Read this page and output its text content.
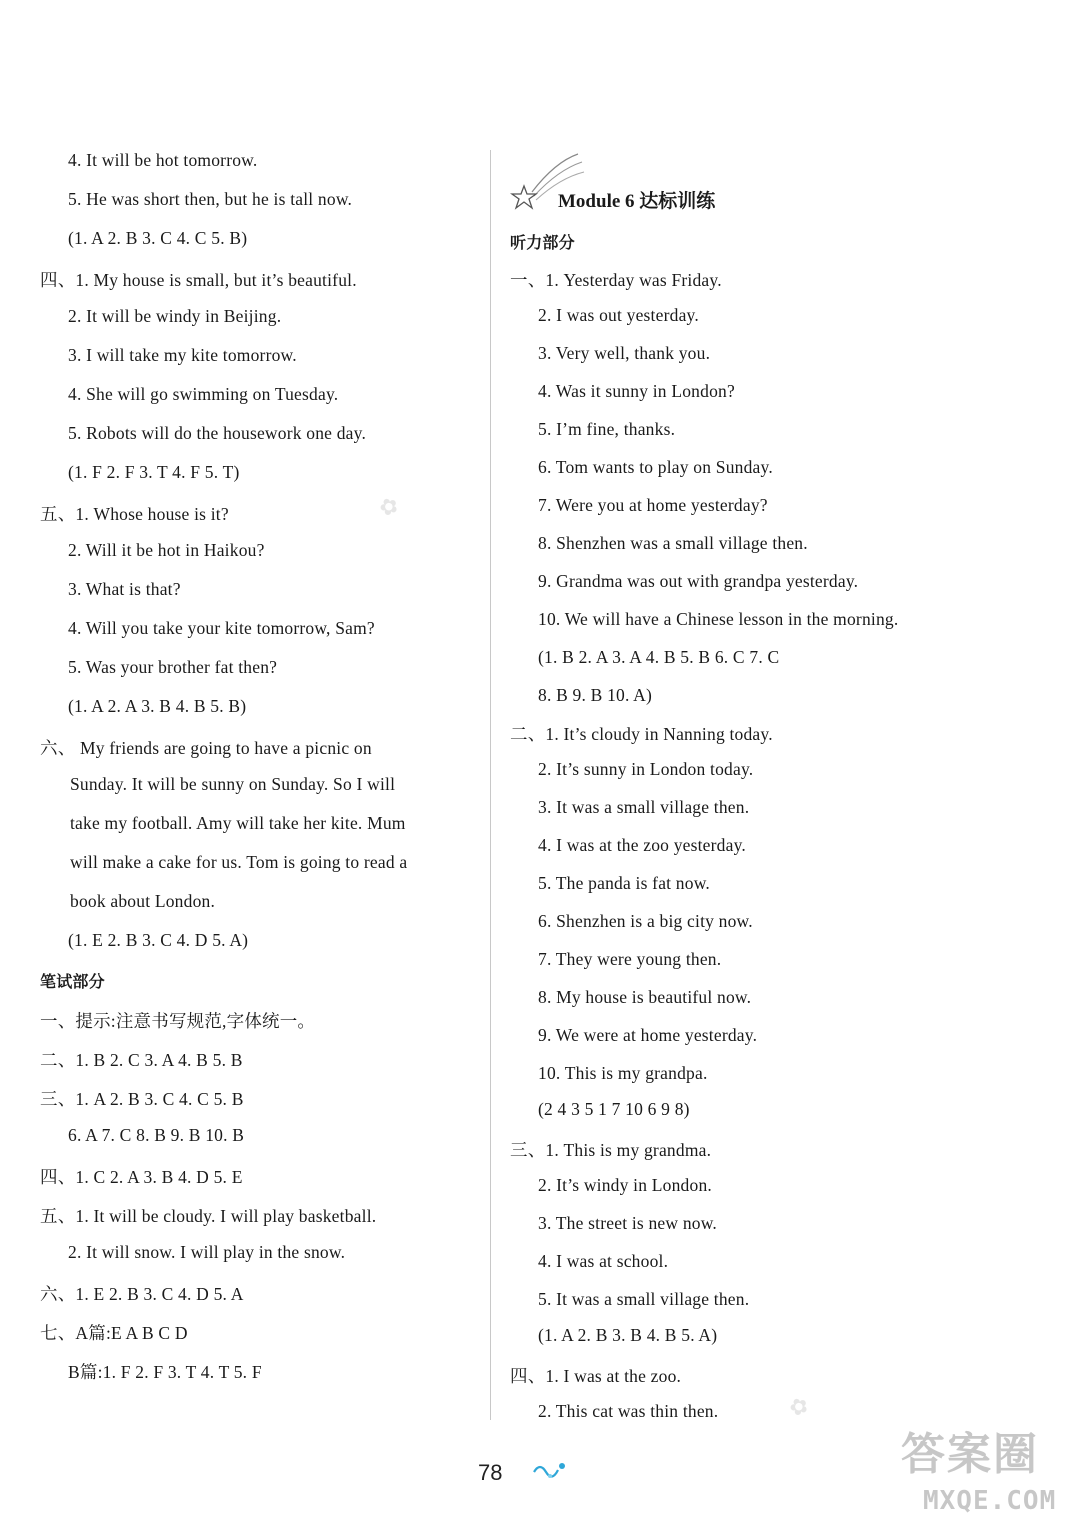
4. It will be hot tomorrow.
5. He was short then, but he is tall now.
(1. A 2. B 3. C 4. C 5. B)
四、1. My house is small, but it’s beautiful.
2. It will be windy in Beijing.
3. I will take my kite tomorrow.
4. She will go swimming on Tuesday.
5. Robots will do the housework one day.
(1. F 2. F 3. T 4. F 5. T)
五、1. Whose house is it?
2. Will it be hot in Haikou?
3. What is that?
4. Will you take your kite tomorrow, Sam?
5. Was your brother fat then?
(1. A 2. A 3. B 4. B 5. B)
六、 My friends are going to have a picnic on
Sunday. It will be sunny on Sunday. So I will
take my football. Amy will take her kite. Mum
will make a cake for us. Tom is going to read a
book about London.
(1. E 2. B 3. C 4. D 5. A)
笔试部分
一、提示:注意书写规范,字体统一。
二、1. B 2. C 3. A 4. B 5. B
三、1. A 2. B 3. C 4. C 5. B
6. A 7. C 8. B 9. B 10. B
四、1. C 2. A 3. B 4. D 5. E
五、1. It will be cloudy. I will play basketball.
2. It will snow. I will play in the snow.
六、1. E 2. B 3. C 4. D 5. A
七、A篇:E A B C D
B篇:1. F 2. F 3. T 4. T 5. F
Module 6 达标训练
听力部分
一、1. Yesterday was Friday.
2. I was out yesterday.
3. Very well, thank you.
4. Was it sunny in London?
5. I’m fine, thanks.
6. Tom wants to play on Sunday.
7. Were you at home yesterday?
8. Shenzhen was a small village then.
9. Grandma was out with grandpa yesterday.
10. We will have a Chinese lesson in the morning.
(1. B 2. A 3. A 4. B 5. B 6. C 7. C
8. B 9. B 10. A)
二、1. It’s cloudy in Nanning today.
2. It’s sunny in London today.
3. It was a small village then.
4. I was at the zoo yesterday.
5. The panda is fat now.
6. Shenzhen is a big city now.
7. They were young then.
8. My house is beautiful now.
9. We were at home yesterday.
10. This is my grandpa.
(2 4 3 5 1 7 10 6 9 8)
三、1. This is my grandma.
2. It’s windy in London.
3. The street is new now.
4. I was at school.
5. It was a small village then.
(1. A 2. B 3. B 4. B 5. A)
四、1. I was at the zoo.
2. This cat was thin then.
✿
✿
78	答案圈
MXQE.COM
